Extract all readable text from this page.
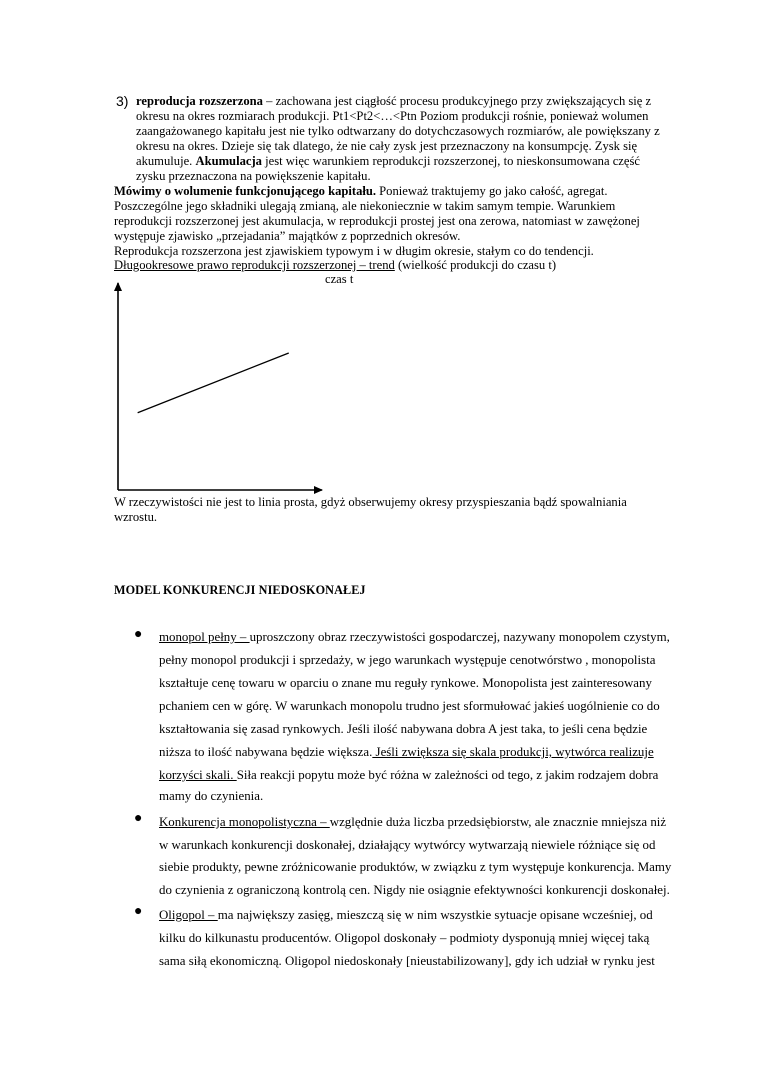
3) reproducja rozszerzona – zachowana jest ciągłość procesu produkcyjnego przy zwiększających się z
okresu na okres rozmiarach produkcji. Pt1<Pt2<…<Ptn Poziom produkcji rośnie, ponieważ wolumen
zaangażowanego kapitału jest nie tylko odtwarzany do dotychczasowych rozmiarów, ale powiększany z
okresu na okres. Dzieje się tak dlatego, że nie cały zysk jest przeznaczony na konsumpcję. Zysk się
akumuluje. Akumulacja jest więc warunkiem reprodukcji rozszerzonej, to nieskonsumowana część
zysku przeznaczona na powiększenie kapitału.
Mówimy o wolumenie funkcjonującego kapitału. Ponieważ traktujemy go jako całość, agregat.
Poszczególne jego składniki ulegają zmianą, ale niekoniecznie w takim samym tempie. Warunkiem
reprodukcji rozszerzonej jest akumulacja, w reprodukcji prostej jest ona zerowa, natomiast w zawężonej
występuje zjawisko „przejadania” majątków z poprzednich okresów.
Reprodukcja rozszerzona jest zjawiskiem typowym i w długim okresie, stałym co do tendencji.
Długookresowe prawo reprodukcji rozszerzonej – trend (wielkość produkcji do czasu t)
czas t
W rzeczywistości nie jest to linia prosta, gdyż obserwujemy okresy przyspieszania bądź spowalniania
wzrostu.
MODEL KONKURENCJI NIEDOSKONAŁEJ
● monopol pełny – uproszczony obraz rzeczywistości gospodarczej, nazywany monopolem czystym,
pełny monopol produkcji i sprzedaży, w jego warunkach występuje cenotwórstwo , monopolista
kształtuje cenę towaru w oparciu o znane mu reguły rynkowe. Monopolista jest zainteresowany
pchaniem cen w górę. W warunkach monopolu trudno jest sformułować jakieś uogólnienie co do
kształtowania się zasad rynkowych. Jeśli ilość nabywana dobra A jest taka, to jeśli cena będzie
niższa to ilość nabywana będzie większa. Jeśli zwiększa się skala produkcji, wytwórca realizuje
korzyści skali. Siła reakcji popytu może być różna w zależności od tego, z jakim rodzajem dobra
mamy do czynienia.
● Konkurencja monopolistyczna – względnie duża liczba przedsiębiorstw, ale znacznie mniejsza niż
w warunkach konkurencji doskonałej, działający wytwórcy wytwarzają niewiele różniące się od
siebie produkty, pewne zróżnicowanie produktów, w związku z tym występuje konkurencja. Mamy
do czynienia z ograniczoną kontrolą cen. Nigdy nie osiągnie efektywności konkurencji doskonałej.
● Oligopol – ma największy zasięg, mieszczą się w nim wszystkie sytuacje opisane wcześniej, od
kilku do kilkunastu producentów. Oligopol doskonały – podmioty dysponują mniej więcej taką
sama siłą ekonomiczną. Oligopol niedoskonały [nieustabilizowany], gdy ich udział w rynku jest
